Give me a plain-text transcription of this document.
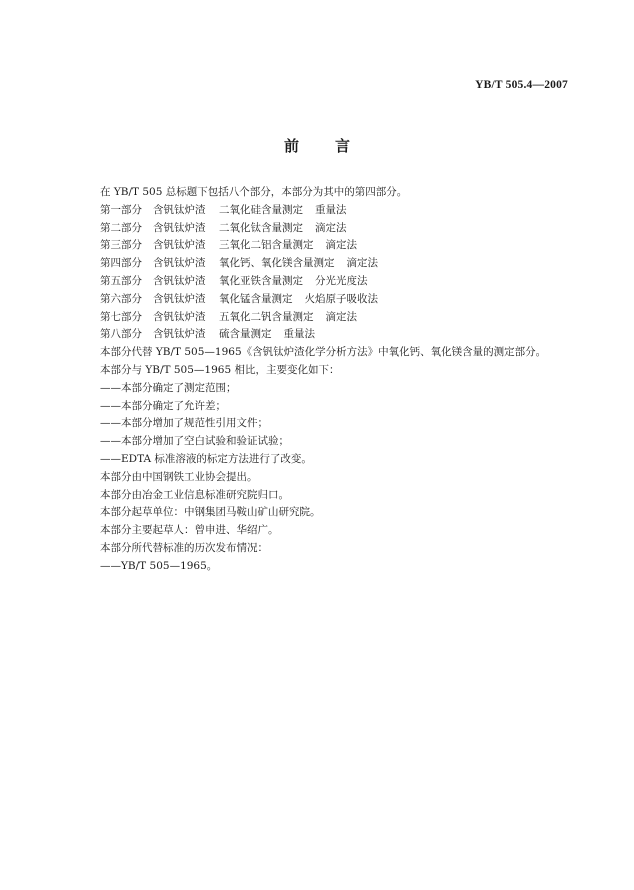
YB/T 505.4—2007
前 言
在 YB/T 505 总标题下包括八个部分，本部分为其中的第四部分。
第一部分 含钒钛炉渣 二氧化硅含量测定 重量法
第二部分 含钒钛炉渣 二氧化钛含量测定 滴定法
第三部分 含钒钛炉渣 三氧化二铝含量测定 滴定法
第四部分 含钒钛炉渣 氧化钙、氧化镁含量测定 滴定法
第五部分 含钒钛炉渣 氧化亚铁含量测定 分光光度法
第六部分 含钒钛炉渣 氧化锰含量测定 火焰原子吸收法
第七部分 含钒钛炉渣 五氧化二钒含量测定 滴定法
第八部分 含钒钛炉渣 硫含量测定 重量法
本部分代替 YB/T 505—1965《含钒钛炉渣化学分析方法》中氧化钙、氧化镁含量的测定部分。
本部分与 YB/T 505—1965 相比，主要变化如下：
——本部分确定了测定范围；
——本部分确定了允许差；
——本部分增加了规范性引用文件；
——本部分增加了空白试验和验证试验；
——EDTA 标准溶液的标定方法进行了改变。
本部分由中国钢铁工业协会提出。
本部分由冶金工业信息标准研究院归口。
本部分起草单位：中钢集团马鞍山矿山研究院。
本部分主要起草人：曾申进、华绍广。
本部分所代替标准的历次发布情况：
——YB/T 505—1965。
